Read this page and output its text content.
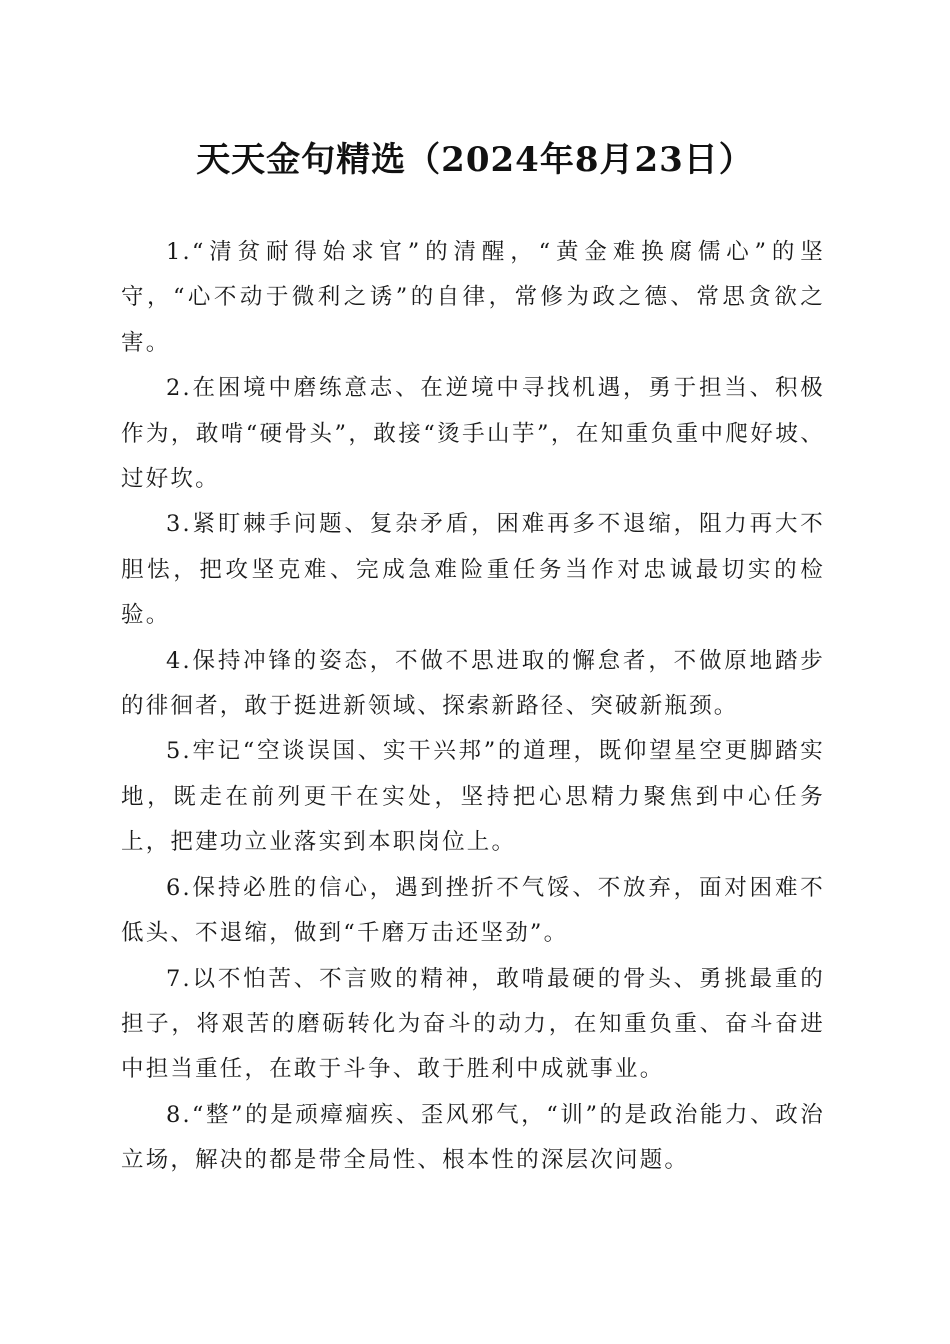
天天金句精选（2024年8月23日）

1.“清贫耐得始求官”的清醒，“黄金难换腐儒心”的坚守，“心不动于微利之诱”的自律，常修为政之德、常思贪欲之害。

2.在困境中磨练意志、在逆境中寻找机遇，勇于担当、积极作为，敢啃“硬骨头”，敢接“烫手山芋”，在知重负重中爬好坡、过好坎。

3.紧盯棘手问题、复杂矛盾，困难再多不退缩，阻力再大不胆怯，把攻坚克难、完成急难险重任务当作对忠诚最切实的检验。

4.保持冲锋的姿态，不做不思进取的懈怠者，不做原地踏步的徘徊者，敢于挺进新领域、探索新路径、突破新瓶颈。

5.牢记“空谈误国、实干兴邦”的道理，既仰望星空更脚踏实地，既走在前列更干在实处，坚持把心思精力聚焦到中心任务上，把建功立业落实到本职岗位上。

6.保持必胜的信心，遇到挫折不气馁、不放弃，面对困难不低头、不退缩，做到“千磨万击还坚劲”。

7.以不怕苦、不言败的精神，敢啃最硬的骨头、勇挑最重的担子，将艰苦的磨砺转化为奋斗的动力，在知重负重、奋斗奋进中担当重任，在敢于斗争、敢于胜利中成就事业。

8.“整”的是顽瘴痼疾、歪风邪气，“训”的是政治能力、政治立场，解决的都是带全局性、根本性的深层次问题。
